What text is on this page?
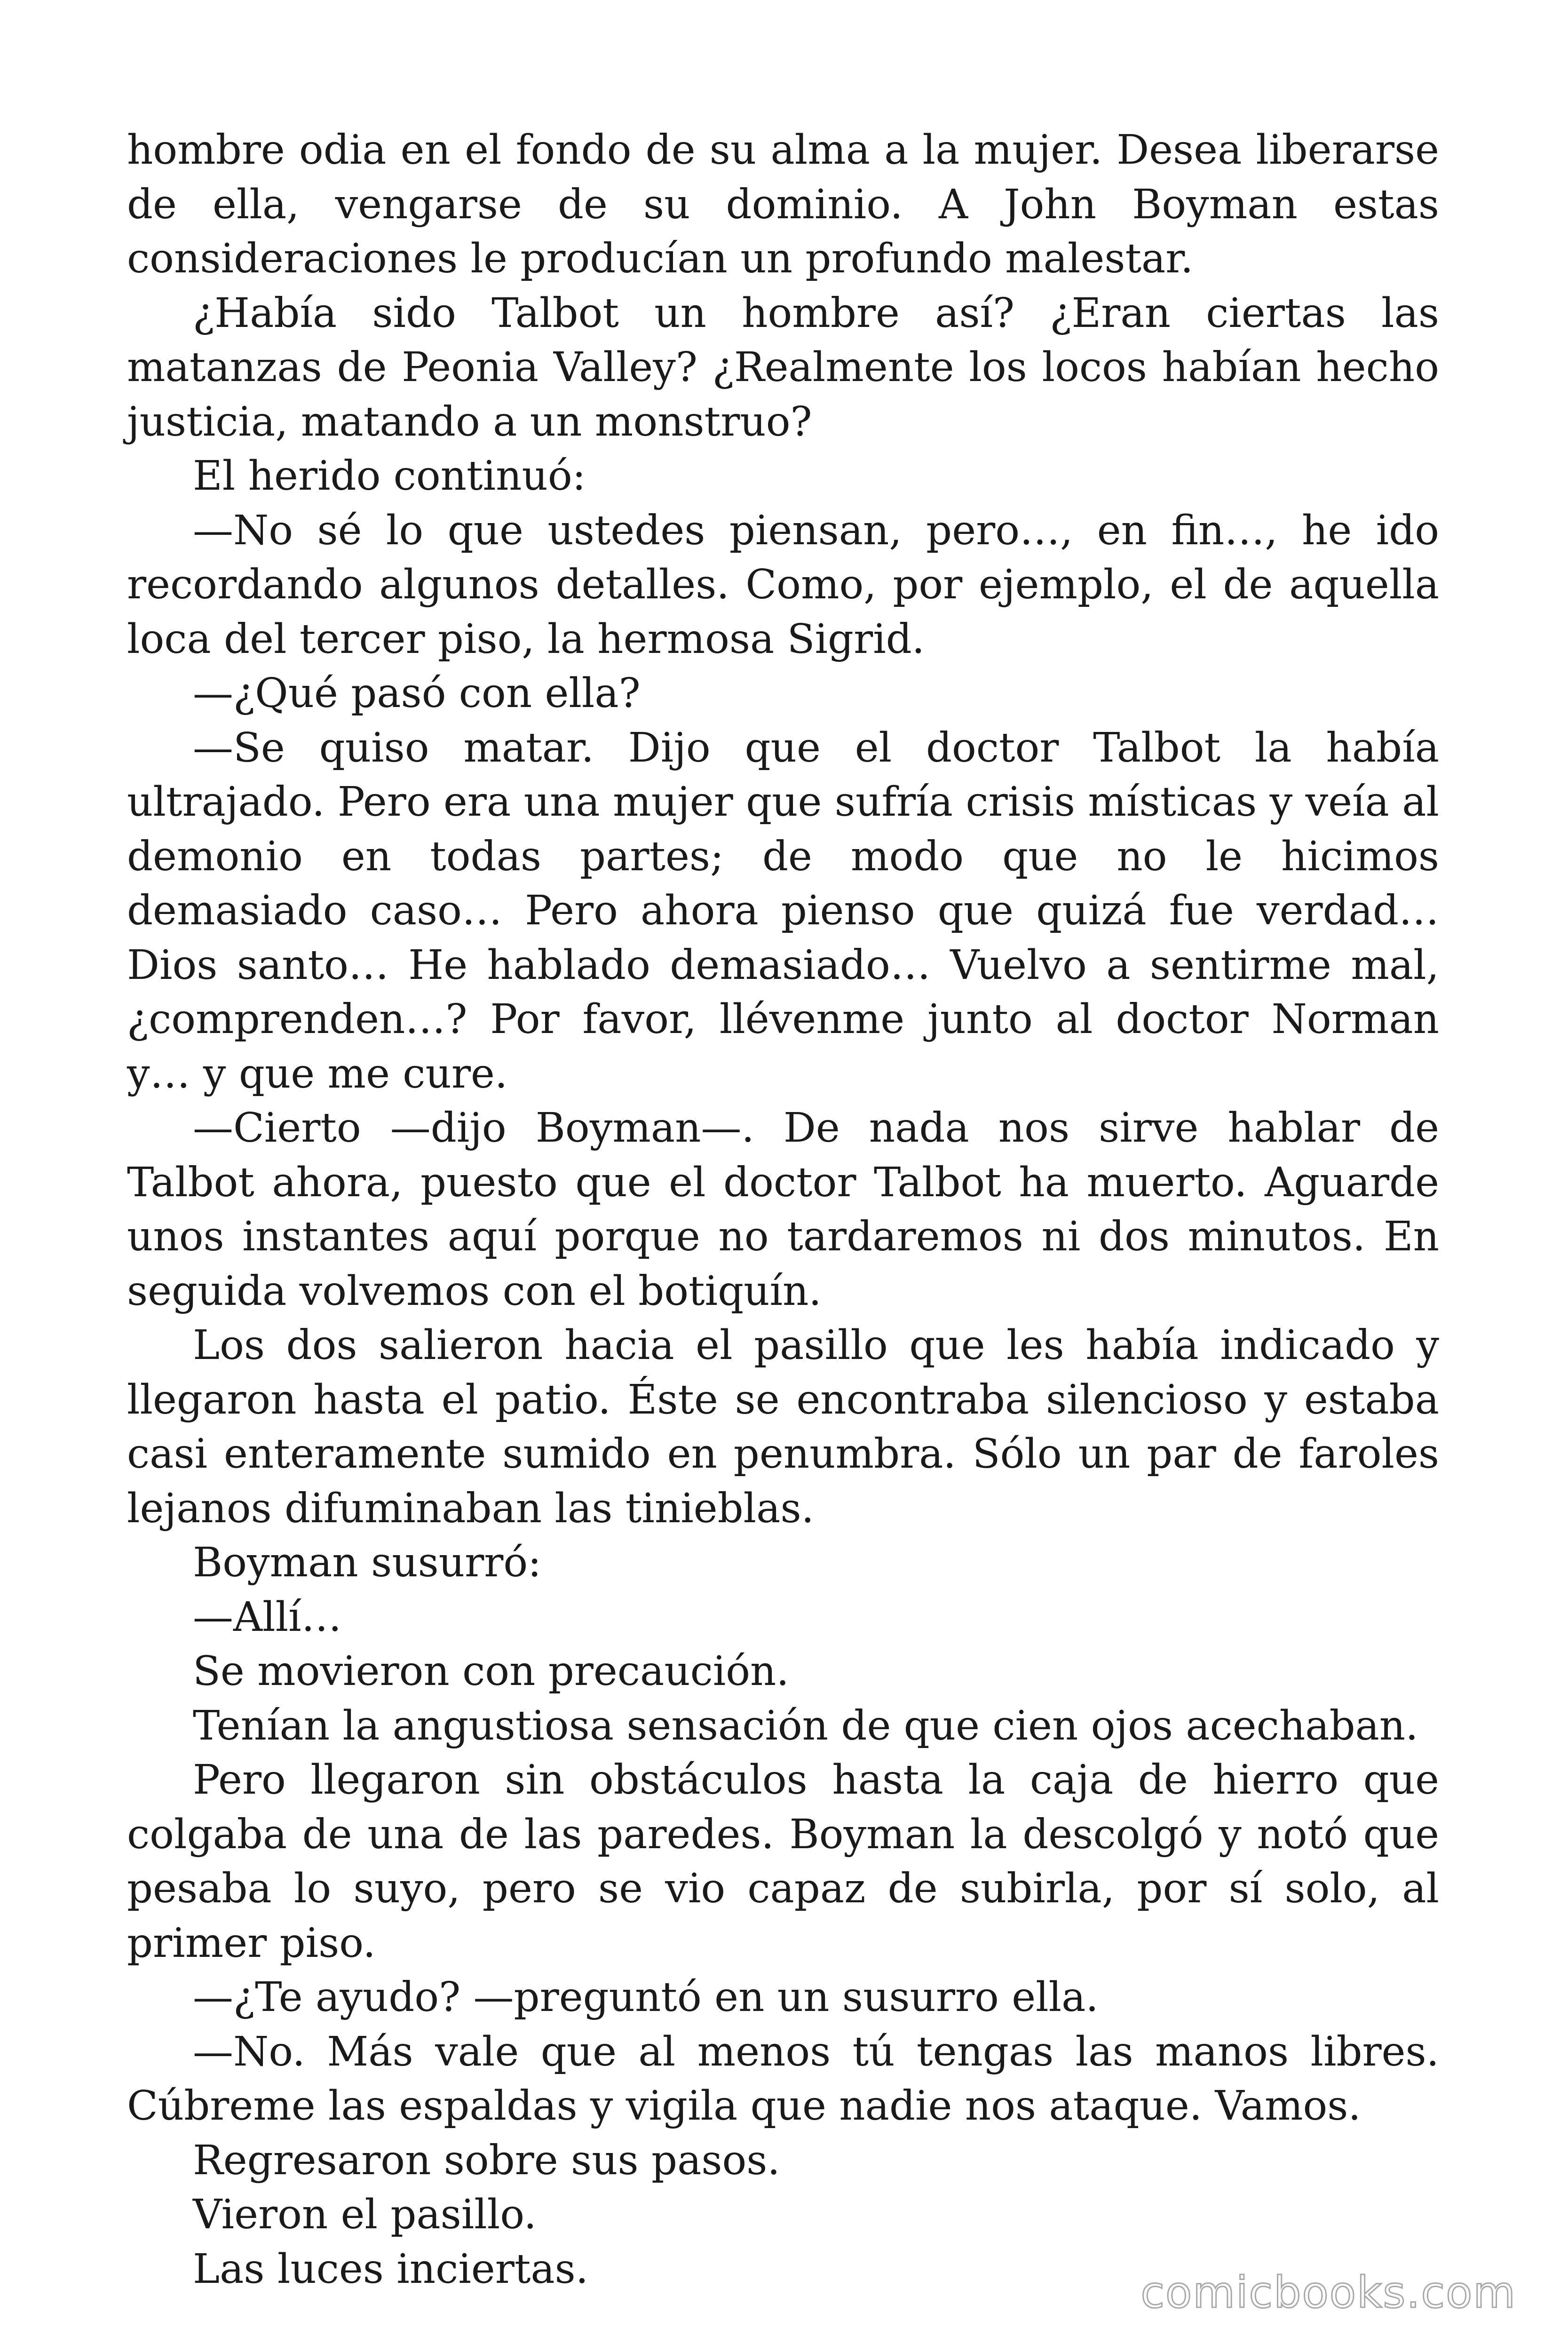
hombre odia en el fondo de su alma a la mujer. Desea liberarse de ella, vengarse de su dominio. A John Boyman estas consideraciones le producían un profundo malestar.

¿Había sido Talbot un hombre así? ¿Eran ciertas las matanzas de Peonia Valley? ¿Realmente los locos habían hecho justicia, matando a un monstruo?

El herido continuó:

—No sé lo que ustedes piensan, pero…, en fin…, he ido recordando algunos detalles. Como, por ejemplo, el de aquella loca del tercer piso, la hermosa Sigrid.

—¿Qué pasó con ella?

—Se quiso matar. Dijo que el doctor Talbot la había ultrajado. Pero era una mujer que sufría crisis místicas y veía al demonio en todas partes; de modo que no le hicimos demasiado caso… Pero ahora pienso que quizá fue verdad… Dios santo… He hablado demasiado… Vuelvo a sentirme mal, ¿comprenden…? Por favor, llévenme junto al doctor Norman y… y que me cure.

—Cierto —dijo Boyman—. De nada nos sirve hablar de Talbot ahora, puesto que el doctor Talbot ha muerto. Aguarde unos instantes aquí porque no tardaremos ni dos minutos. En seguida volvemos con el botiquín.

Los dos salieron hacia el pasillo que les había indicado y llegaron hasta el patio. Éste se encontraba silencioso y estaba casi enteramente sumido en penumbra. Sólo un par de faroles lejanos difuminaban las tinieblas.

Boyman susurró:

—Allí…

Se movieron con precaución.

Tenían la angustiosa sensación de que cien ojos acechaban.

Pero llegaron sin obstáculos hasta la caja de hierro que colgaba de una de las paredes. Boyman la descolgó y notó que pesaba lo suyo, pero se vio capaz de subirla, por sí solo, al primer piso.

—¿Te ayudo? —preguntó en un susurro ella.

—No. Más vale que al menos tú tengas las manos libres. Cúbreme las espaldas y vigila que nadie nos ataque. Vamos.

Regresaron sobre sus pasos.

Vieron el pasillo.

Las luces inciertas.	comicbooks.com
